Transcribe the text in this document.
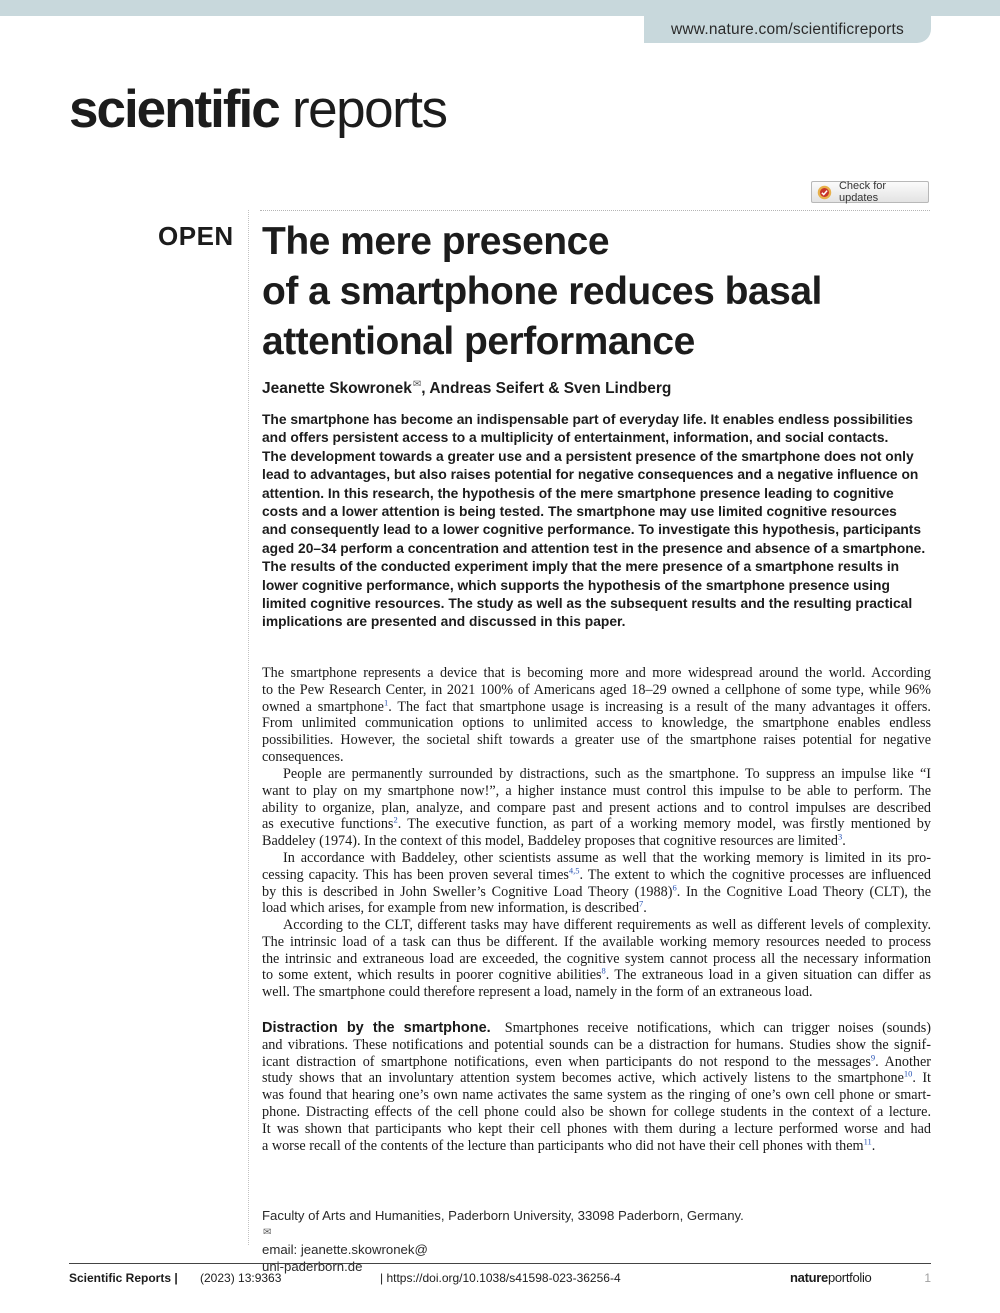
www.nature.com/scientificreports
scientific reports
Check for updates
OPEN The mere presence
of a smartphone reduces basal
attentional performance
Jeanette Skowronek✉, Andreas Seifert & Sven Lindberg
The smartphone has become an indispensable part of everyday life. It enables endless possibilities
and offers persistent access to a multiplicity of entertainment, information, and social contacts.
The development towards a greater use and a persistent presence of the smartphone does not only
lead to advantages, but also raises potential for negative consequences and a negative influence on
attention. In this research, the hypothesis of the mere smartphone presence leading to cognitive
costs and a lower attention is being tested. The smartphone may use limited cognitive resources
and consequently lead to a lower cognitive performance. To investigate this hypothesis, participants
aged 20–34 perform a concentration and attention test in the presence and absence of a smartphone.
The results of the conducted experiment imply that the mere presence of a smartphone results in
lower cognitive performance, which supports the hypothesis of the smartphone presence using
limited cognitive resources. The study as well as the subsequent results and the resulting practical
implications are presented and discussed in this paper.
The smartphone represents a device that is becoming more and more widespread around the world. According
to the Pew Research Center, in 2021 100% of Americans aged 18–29 owned a cellphone of some type, while 96%
owned a smartphone$^1$. The fact that smartphone usage is increasing is a result of the many advantages it offers.
From unlimited communication options to unlimited access to knowledge, the smartphone enables endless
possibilities. However, the societal shift towards a greater use of the smartphone raises potential for negative
consequences.
People are permanently surrounded by distractions, such as the smartphone. To suppress an impulse like “I
want to play on my smartphone now!”, a higher instance must control this impulse to be able to perform. The
ability to organize, plan, analyze, and compare past and present actions and to control impulses are described
as executive functions$^2$. The executive function, as part of a working memory model, was firstly mentioned by
Baddeley (1974). In the context of this model, Baddeley proposes that cognitive resources are limited$^3$.
In accordance with Baddeley, other scientists assume as well that the working memory is limited in its pro-
cessing capacity. This has been proven several times$^{4,5}$. The extent to which the cognitive processes are influenced
by this is described in John Sweller’s Cognitive Load Theory (1988)$^6$. In the Cognitive Load Theory (CLT), the
load which arises, for example from new information, is described$^7$.
According to the CLT, different tasks may have different requirements as well as different levels of complexity.
The intrinsic load of a task can thus be different. If the available working memory resources needed to process
the intrinsic and extraneous load are exceeded, the cognitive system cannot process all the necessary information
to some extent, which results in poorer cognitive abilities$^8$. The extraneous load in a given situation can differ as
well. The smartphone could therefore represent a load, namely in the form of an extraneous load.
Distraction by the smartphone. Smartphones receive notifications, which can trigger noises (sounds)
and vibrations. These notifications and potential sounds can be a distraction for humans. Studies show the signif-
icant distraction of smartphone notifications, even when participants do not respond to the messages$^9$. Another
study shows that an involuntary attention system becomes active, which actively listens to the smartphone$^{10}$. It
was found that hearing one’s own name activates the same system as the ringing of one’s own cell phone or smart-
phone. Distracting effects of the cell phone could also be shown for college students in the context of a lecture.
It was shown that participants who kept their cell phones with them during a lecture performed worse and had
a worse recall of the contents of the lecture than participants who did not have their cell phones with them$^{11}$.
Faculty of Arts and Humanities, Paderborn University, 33098 Paderborn, Germany.
✉
email: jeanette.skowronek@
uni-paderborn.de
Scientific Reports | (2023) 13:9363	| https://doi.org/10.1038/s41598-023-36256-4	natureportfolio	1
